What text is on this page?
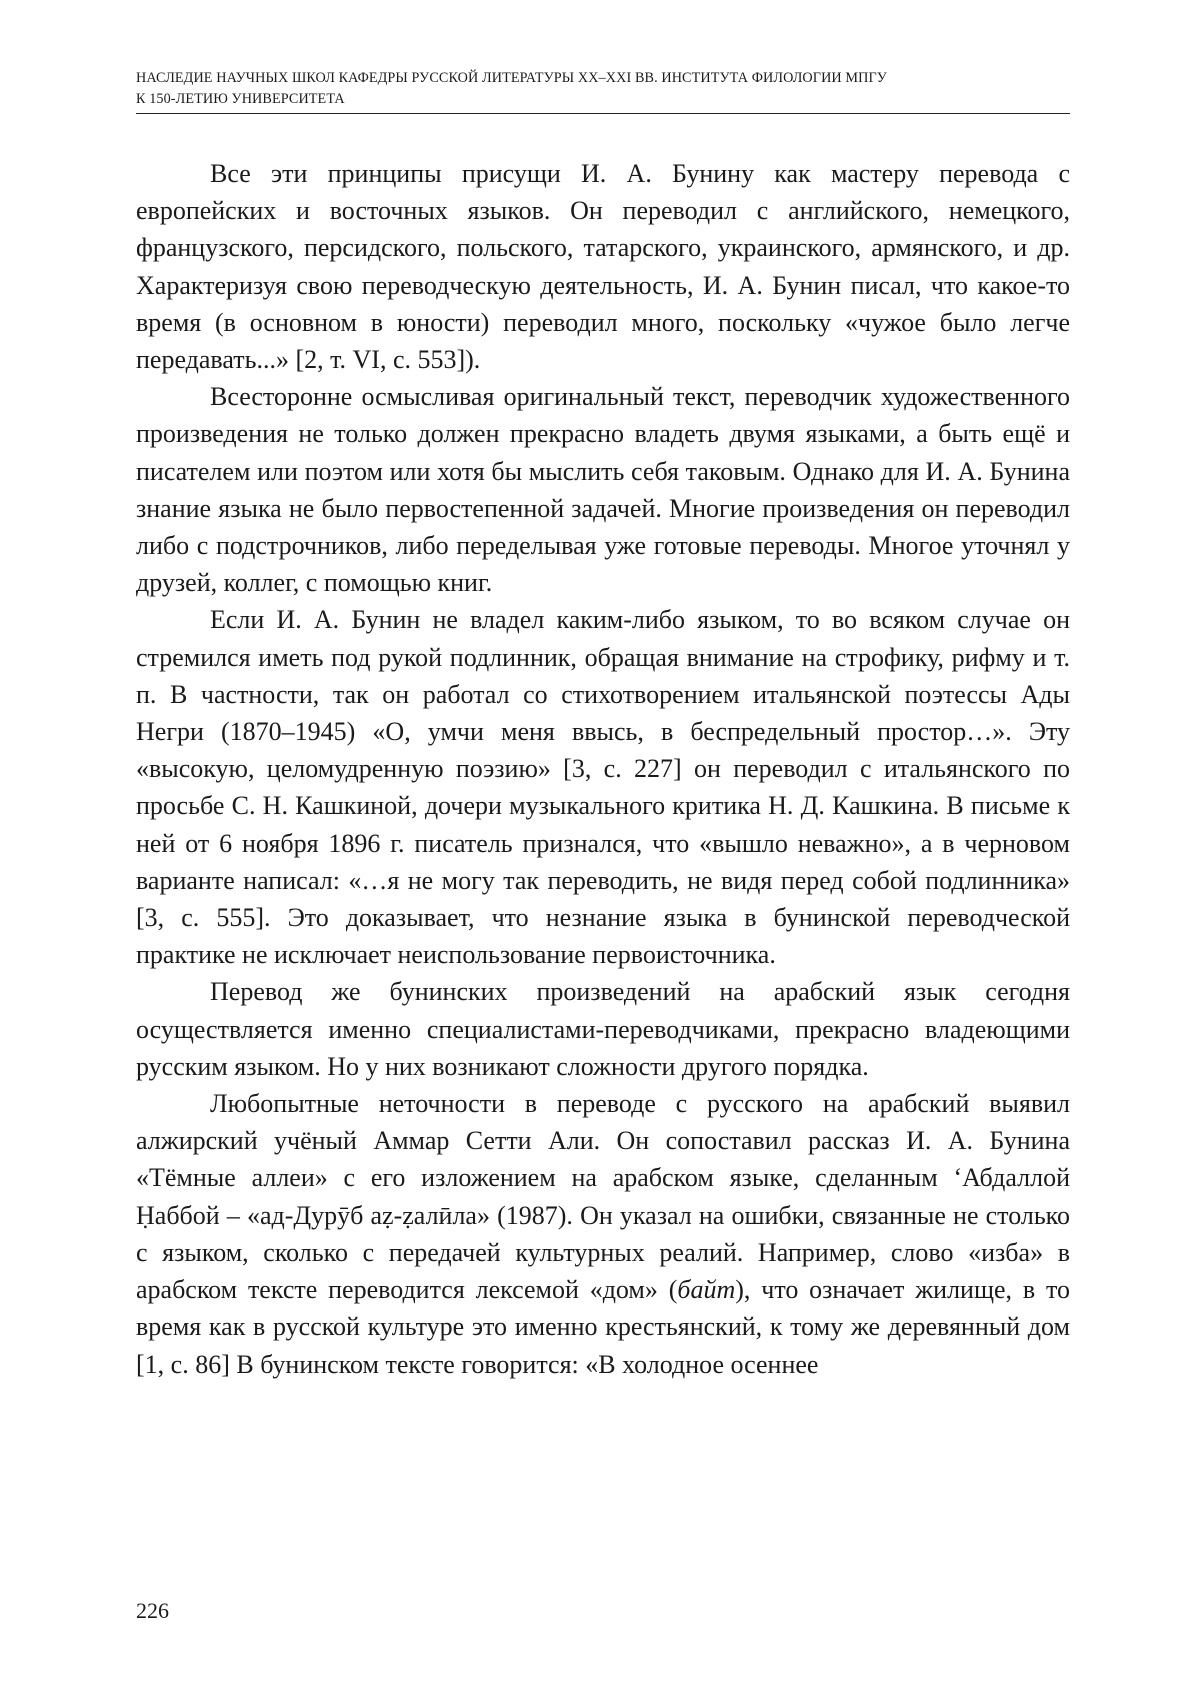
НАСЛЕДИЕ НАУЧНЫХ ШКОЛ КАФЕДРЫ РУССКОЙ ЛИТЕРАТУРЫ XX–XXI ВВ. ИНСТИТУТА ФИЛОЛОГИИ МПГУ
К 150-ЛЕТИЮ УНИВЕРСИТЕТА

Все эти принципы присущи И. А. Бунину как мастеру перевода с европейских и восточных языков. Он переводил с английского, немецкого, французского, персидского, польского, татарского, украинского, армянского, и др. Характеризуя свою переводческую деятельность, И. А. Бунин писал, что какое-то время (в основном в юности) переводил много, поскольку «чужое было легче передавать...» [2, т. VI, с. 553]).

Всесторонне осмысливая оригинальный текст, переводчик художественного произведения не только должен прекрасно владеть двумя языками, а быть ещё и писателем или поэтом или хотя бы мыслить себя таковым. Однако для И. А. Бунина знание языка не было первостепенной задачей. Многие произведения он переводил либо с подстрочников, либо переделывая уже готовые переводы. Многое уточнял у друзей, коллег, с помощью книг.

Если И. А. Бунин не владел каким-либо языком, то во всяком случае он стремился иметь под рукой подлинник, обращая внимание на строфику, рифму и т. п. В частности, так он работал со стихотворением итальянской поэтессы Ады Негри (1870–1945) «О, умчи меня ввысь, в беспредельный простор…». Эту «высокую, целомудренную поэзию» [3, с. 227] он переводил с итальянского по просьбе С. Н. Кашкиной, дочери музыкального критика Н. Д. Кашкина. В письме к ней от 6 ноября 1896 г. писатель признался, что «вышло неважно», а в черновом варианте написал: «…я не могу так переводить, не видя перед собой подлинника» [3, с. 555]. Это доказывает, что незнание языка в бунинской переводческой практике не исключает неиспользование первоисточника.

Перевод же бунинских произведений на арабский язык сегодня осуществляется именно специалистами-переводчиками, прекрасно владеющими русским языком. Но у них возникают сложности другого порядка.

Любопытные неточности в переводе с русского на арабский выявил алжирский учёный Аммар Сетти Али. Он сопоставил рассказ И. А. Бунина «Тёмные аллеи» с его изложением на арабском языке, сделанным ‘Абдаллой Ḥаббой – «ад-Дурӯб аẓ-ẓалӣла» (1987). Он указал на ошибки, связанные не столько с языком, сколько с передачей культурных реалий. Например, слово «изба» в арабском тексте переводится лексемой «дом» (байт), что означает жилище, в то время как в русской культуре это именно крестьянский, к тому же деревянный дом [1, с. 86] В бунинском тексте говорится: «В холодное осеннее

226
